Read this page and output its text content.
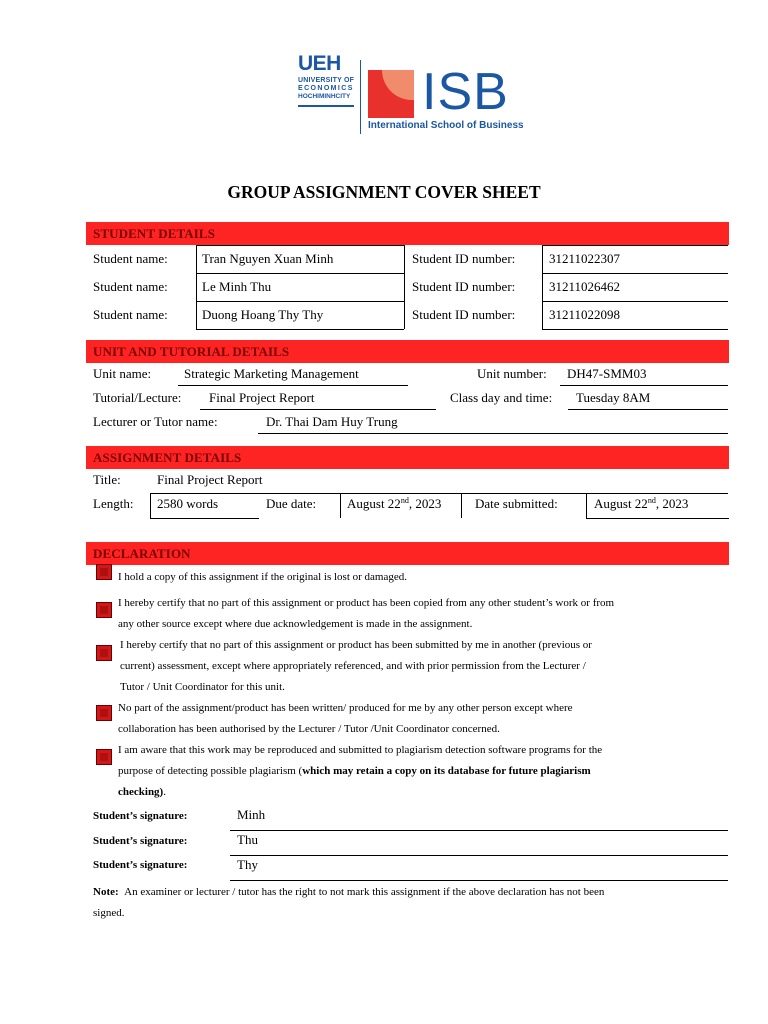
UEH
UNIVERSITY OF
ECONOMICS
HOCHIMINHCITY ISB
International School of Business
GROUP ASSIGNMENT COVER SHEET
STUDENT DETAILS
Student name:	Tran Nguyen Xuan Minh	Student ID number:	31211022307
Student name:	Le Minh Thu	Student ID number:	31211026462
Student name:	Duong Hoang Thy Thy	Student ID number:	31211022098
UNIT AND TUTORIAL DETAILS
Unit name:	Strategic Marketing Management	Unit number: DH47-SMM03
Tutorial/Lecture: Final Project Report	Class day and time: Tuesday 8AM
Lecturer or Tutor name:	Dr. Thai Dam Huy Trung
ASSIGNMENT DETAILS
Title:	Final Project Report
Length: 2580 words	Due date: August 22nd, 2023	Date submitted:	August 22nd, 2023
DECLARATION
I hold a copy of this assignment if the original is lost or damaged.
I hereby certify that no part of this assignment or product has been copied from any other student’s work or from
any other source except where due acknowledgement is made in the assignment.
I hereby certify that no part of this assignment or product has been submitted by me in another (previous or
current) assessment, except where appropriately referenced, and with prior permission from the Lecturer /
Tutor / Unit Coordinator for this unit.
No part of the assignment/product has been written/ produced for me by any other person except where
collaboration has been authorised by the Lecturer / Tutor /Unit Coordinator concerned.
I am aware that this work may be reproduced and submitted to plagiarism detection software programs for the
purpose of detecting possible plagiarism (which may retain a copy on its database for future plagiarism
checking).
Student’s signature:	Minh
Student’s signature:	Thu
Student’s signature:	Thy
Note: An examiner or lecturer / tutor has the right to not mark this assignment if the above declaration has not been
signed.
